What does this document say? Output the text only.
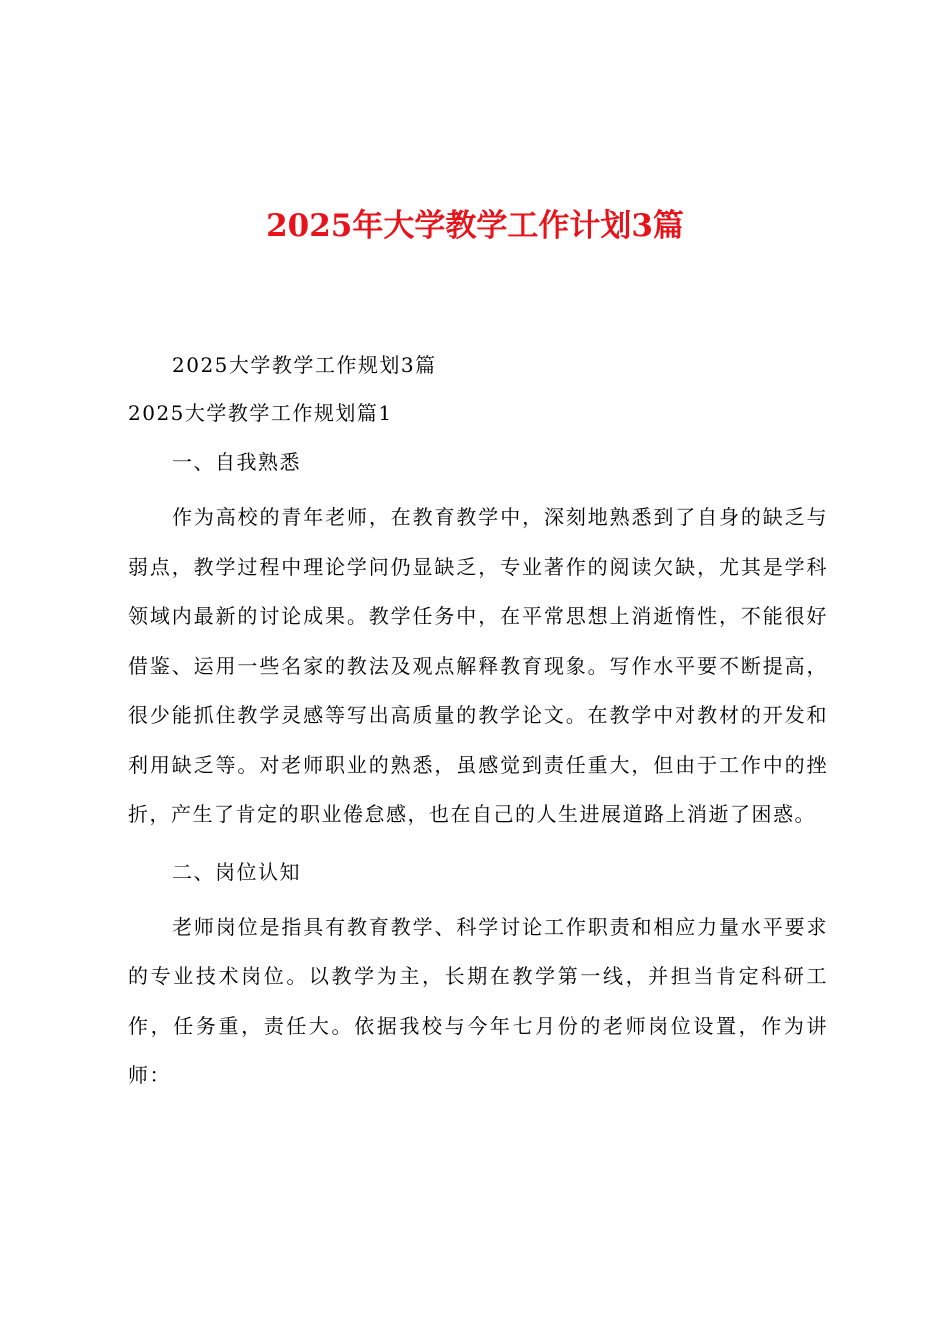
2025年大学教学工作计划3篇

2025大学教学工作规划3篇

2025大学教学工作规划篇1

一、自我熟悉

作为高校的青年老师，在教育教学中，深刻地熟悉到了自身的缺乏与弱点，教学过程中理论学问仍显缺乏，专业著作的阅读欠缺，尤其是学科领域内最新的讨论成果。教学任务中，在平常思想上消逝惰性，不能很好借鉴、运用一些名家的教法及观点解释教育现象。写作水平要不断提高，很少能抓住教学灵感等写出高质量的教学论文。在教学中对教材的开发和利用缺乏等。对老师职业的熟悉，虽感觉到责任重大，但由于工作中的挫折，产生了肯定的职业倦怠感，也在自己的人生进展道路上消逝了困惑。

二、岗位认知

老师岗位是指具有教育教学、科学讨论工作职责和相应力量水平要求的专业技术岗位。以教学为主，长期在教学第一线，并担当肯定科研工作，任务重，责任大。依据我校与今年七月份的老师岗位设置，作为讲师：
